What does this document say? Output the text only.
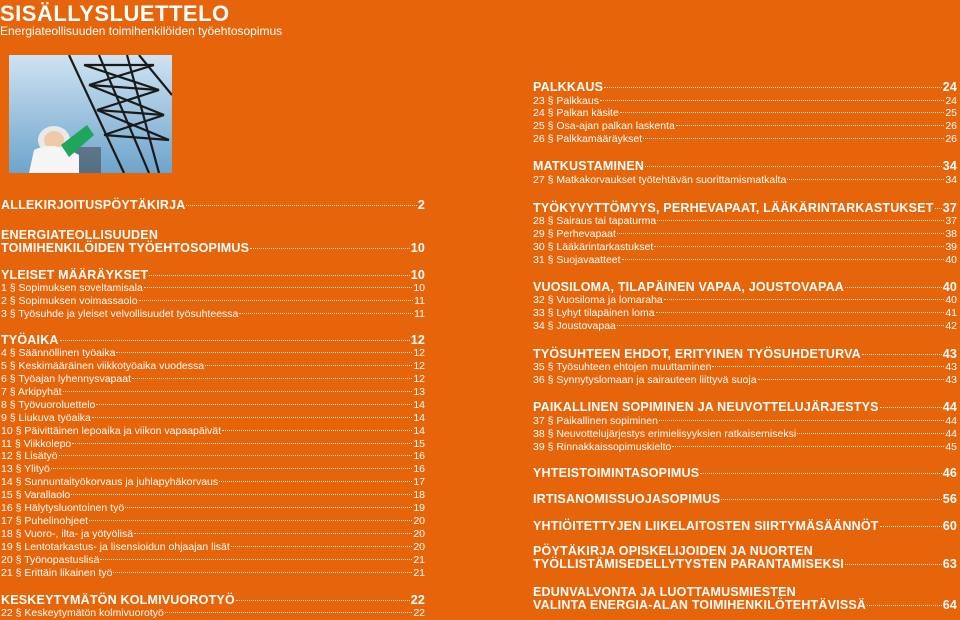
SISÄLLYSLUETTELO
Energiateollisuuden toimihenkilöiden työehtosopimus
ALLEKIRJOITUSPÖYTÄKIRJA	2
ENERGIATEOLLISUUDEN
TOIMIHENKILÖIDEN TYÖEHTOSOPIMUS	10
YLEISET MÄÄRÄYKSET	10
1 § Sopimuksen soveltamisala	10
2 § Sopimuksen voimassaolo	11
3 § Työsuhde ja yleiset velvollisuudet työsuhteessa	11
TYÖAIKA	12
4 § Säännöllinen työaika	12
5 § Keskimääräinen viikkotyöaika vuodessa	12
6 § Työajan lyhennysvapaat	12
7 § Arkipyhät	13
8 § Työvuoroluettelo	14
9 § Liukuva työaika	14
10 § Päivittäinen lepoaika ja viikon vapaapäivät	14
11 § Viikkolepo	15
12 § Lisätyö	16
13 § Ylityö	16
14 § Sunnuntaityökorvaus ja juhlapyhäkorvaus	17
15 § Varallaolo	18
16 § Hälytysluontoinen työ	19
17 § Puhelinohjeet	20
18 § Vuoro-, ilta- ja yötyölisä	20
19 § Lentotarkastus- ja lisensioidun ohjaajan lisät	20
20 § Työnopastuslisä	21
21 § Erittäin likainen työ	21
KESKEYTYMÄTÖN KOLMIVUOROTYÖ	22
22 § Keskeytymätön kolmivuorotyö	22
PALKKAUS	24
23 § Palkkaus	24
24 § Palkan käsite	25
25 § Osa-ajan palkan laskenta	26
26 § Palkkamääräykset	26
MATKUSTAMINEN	34
27 § Matkakorvaukset työtehtävän suorittamismatkalta	34
TYÖKYVYTTÖMYYS, PERHEVAPAAT, LÄÄKÄRINTARKASTUKSET 37
28 § Sairaus tai tapaturma	37
29 § Perhevapaat	38
30 § Lääkärintarkastukset	39
31 § Suojavaatteet	40
VUOSILOMA, TILAPÄINEN VAPAA, JOUSTOVAPAA	40
32 § Vuosiloma ja lomaraha	40
33 § Lyhyt tilapäinen loma	41
34 § Joustovapaa	42
TYÖSUHTEEN EHDOT, ERITYINEN TYÖSUHDETURVA	43
35 § Työsuhteen ehtojen muuttaminen	43
36 § Synnytyslomaan ja sairauteen liittyvä suoja	43
PAIKALLINEN SOPIMINEN JA NEUVOTTELUJÄRJESTYS	44
37 § Paikallinen sopiminen	44
38 § Neuvottelujärjestys erimielisyyksien ratkaisemiseksi	44
39 § Rinnakkaissopimuskielto	45
YHTEISTOIMINTASOPIMUS	46
IRTISANOMISSUOJASOPIMUS	56
YHTIÖITETTYJEN LIIKELAITOSTEN SIIRTYMÄSÄÄNNÖT	60
PÖYTÄKIRJA OPISKELIJOIDEN JA NUORTEN
TYÖLLISTÄMISEDELLYTYSTEN PARANTAMISEKSI	63
EDUNVALVONTA JA LUOTTAMUSMIESTEN
VALINTA ENERGIA-ALAN TOIMIHENKILÖTEHTÄVISSÄ	64
